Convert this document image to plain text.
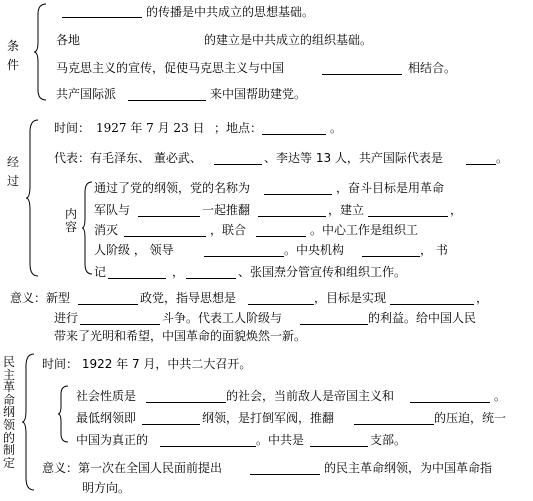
条
件
的传播是中共成立的思想基础。
各地	的建立是中共成立的组织基础。
马克思主义的宣传，促使马克思主义与中国	相结合。
共产国际派	来中国帮助建党。
经
过
时间： 1927 年 7 月 23 日 ；地点：	。
代表：有毛泽东、 董必武、	、李达等 13 人，共产国际代表是	。
内
容
通过了党的纲领，党的名称为	，奋斗目标是用革命
军队与	一起推翻	，建立	，
消灭	，联合	。中心工作是组织工
人阶级 ， 领导	。中央机构	， 书
记	，	、张国焘分管宣传和组织工作。
意义：新型	政党，指导思想是	，目标是实现	，
进行	斗争。代表工人阶级与	的利益。给中国人民
带来了光明和希望，中国革命的面貌焕然一新。
民
主
革
命
纲
领
的
制
定
时间： 1922 年 7 月，中共二大召开。
社会性质是	的社会，当前敌人是帝国主义和	。
最低纲领即	纲领，是打倒军阀，推翻	的压迫，统一
中国为真正的	。中共是	支部。
意义：第一次在全国人民面前提出	的民主革命纲领，为中国革命指
明方向。
